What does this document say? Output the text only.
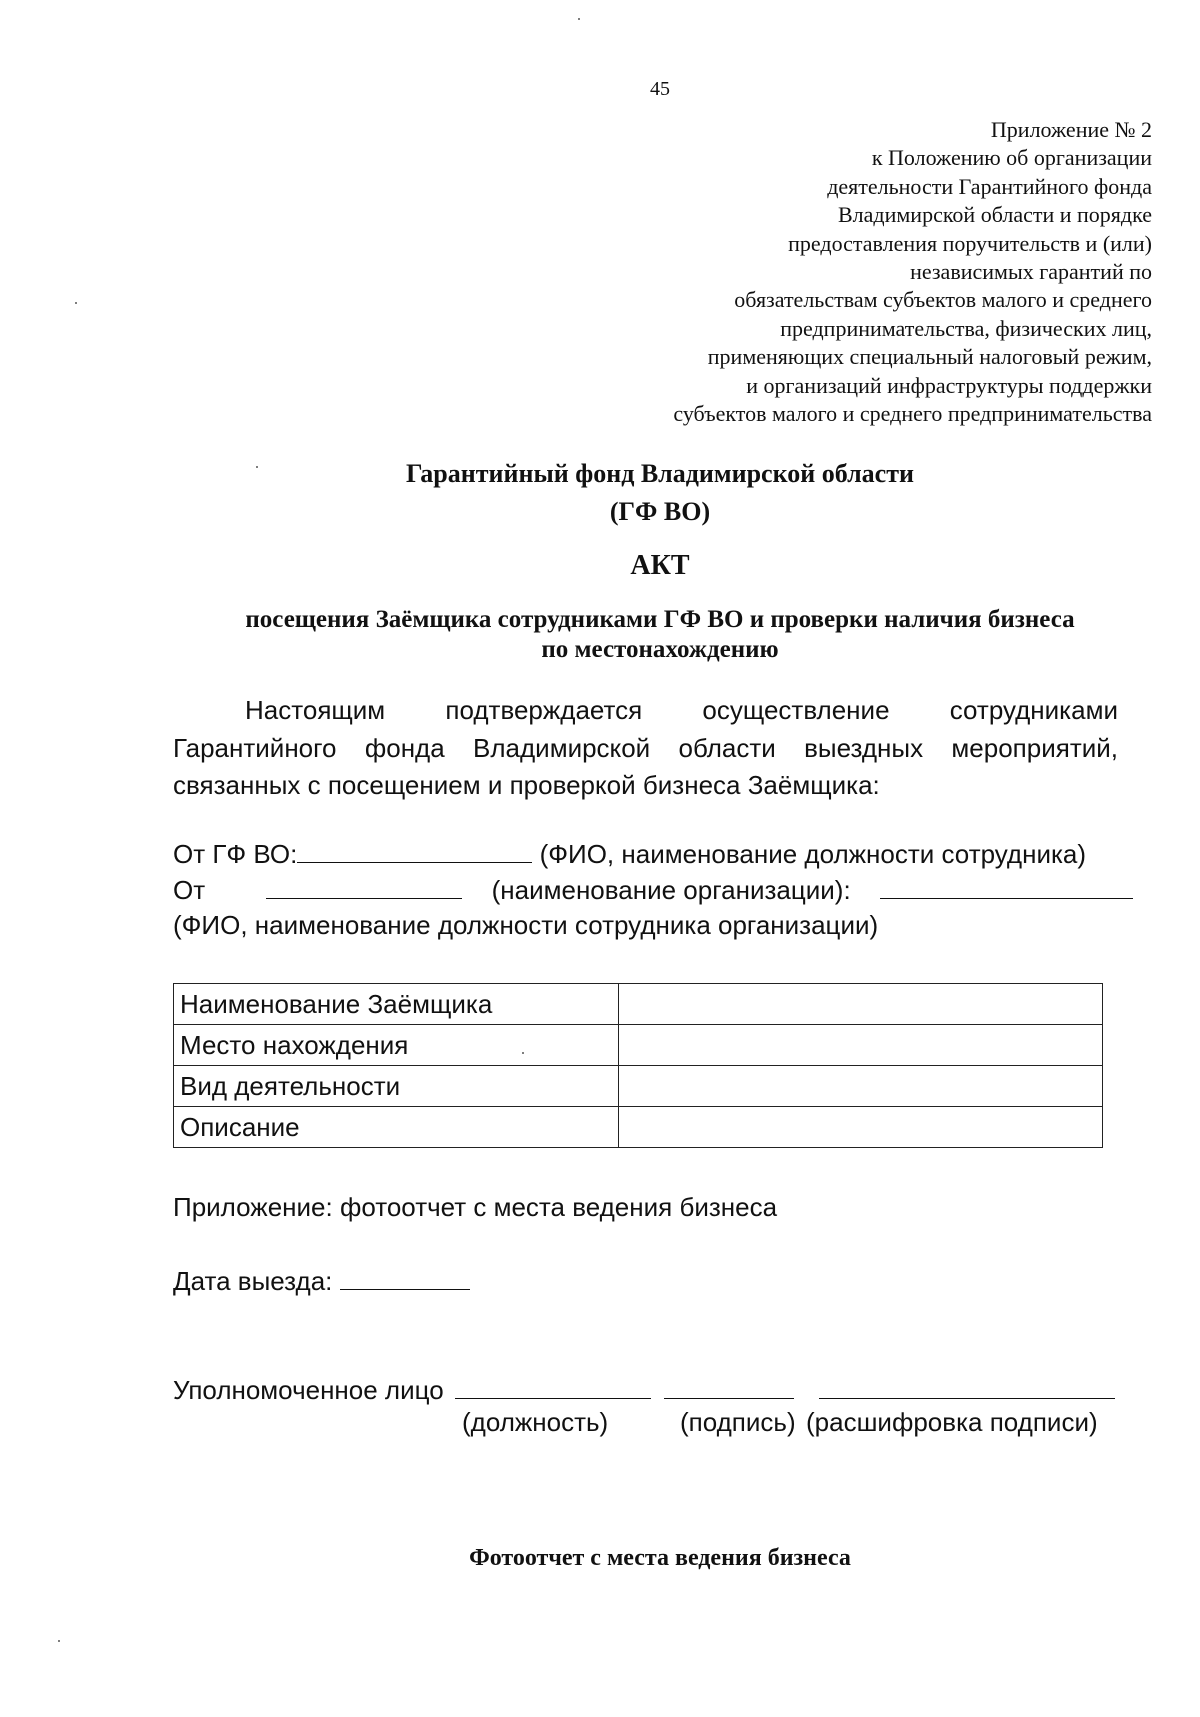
45
Приложение № 2
к Положению об организации
деятельности Гарантийного фонда
Владимирской области и порядке
предоставления поручительств и (или)
независимых гарантий по
обязательствам субъектов малого и среднего
предпринимательства, физических лиц,
применяющих специальный налоговый режим,
и организаций инфраструктуры поддержки
субъектов малого и среднего предпринимательства
Гарантийный фонд Владимирской области
(ГФ ВО)
АКТ
посещения Заёмщика сотрудниками ГФ ВО и проверки наличия бизнеса
по местонахождению
Настоящим подтверждается осуществление сотрудниками Гарантийного фонда Владимирской области выездных мероприятий, связанных с посещением и проверкой бизнеса Заёмщика:
От ГФ ВО:	(ФИО, наименование должности сотрудника)
От	(наименование организации):
(ФИО, наименование должности сотрудника организации)
Наименование Заёмщика	
Место нахождения	
Вид деятельности	
Описание	
Приложение: фотоотчет с места ведения бизнеса
Дата выезда:
Уполномоченное лицо
(должность)	(подпись) (расшифровка подписи)
Фотоотчет с места ведения бизнеса
